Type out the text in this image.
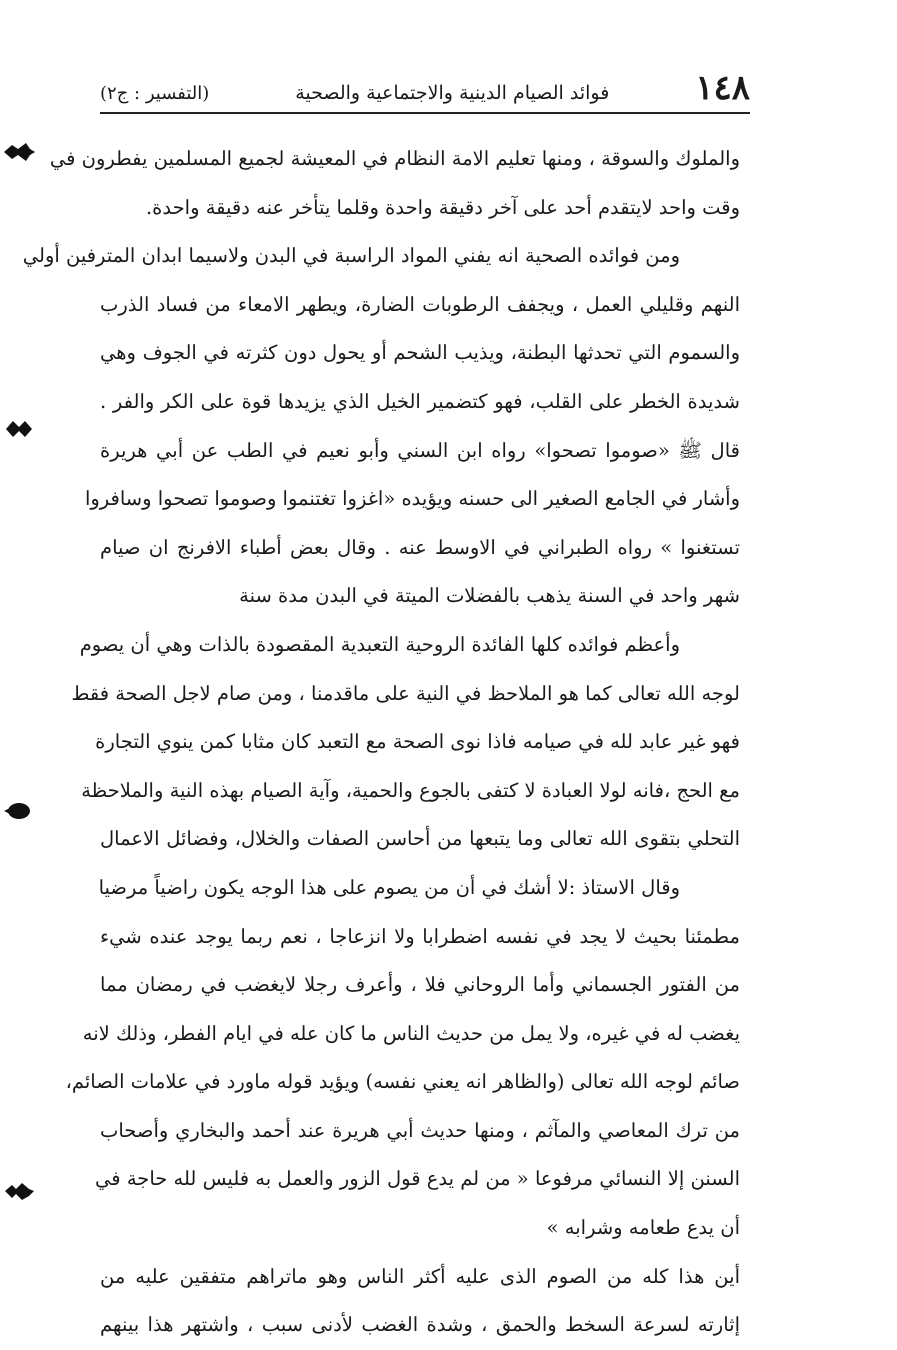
١٤٨
فوائد الصيام الدينية والاجتماعية والصحية
(التفسير : ج٢)
والملوك والسوقة ، ومنها تعليم الامة النظام في المعيشة لجميع المسلمين يفطرون في
وقت واحد لايتقدم أحد على آخر دقيقة واحدة وقلما يتأخر عنه دقيقة واحدة.
ومن فوائده الصحية انه يفني المواد الراسبة في البدن ولاسيما ابدان المترفين أولي
النهم وقليلي العمل ، ويجفف الرطوبات الضارة، ويطهر الامعاء من فساد الذرب
والسموم التي تحدثها البطنة، ويذيب الشحم أو يحول دون كثرته في الجوف وهي
شديدة الخطر على القلب، فهو كتضمير الخيل الذي يزيدها قوة على الكر والفر .
قال ﷺ «صوموا تصحوا» رواه ابن السني وأبو نعيم في الطب عن أبي هريرة
وأشار في الجامع الصغير الى حسنه ويؤيده «اغزوا تغتنموا وصوموا تصحوا وسافروا
تستغنوا » رواه الطبراني في الاوسط عنه . وقال بعض أطباء الافرنج ان صيام
شهر واحد في السنة يذهب بالفضلات الميتة في البدن مدة سنة
وأعظم فوائده كلها الفائدة الروحية التعبدية المقصودة بالذات وهي أن يصوم
لوجه الله تعالى كما هو الملاحظ في النية على ماقدمنا ، ومن صام لاجل الصحة فقط
فهو غير عابد لله في صيامه فاذا نوى الصحة مع التعبد كان مثابا كمن ينوي التجارة
مع الحج ،فانه لولا العبادة لا كتفى بالجوع والحمية، وآية الصيام بهذه النية والملاحظة
التحلي بتقوى الله تعالى وما يتبعها من أحاسن الصفات والخلال، وفضائل الاعمال
وقال الاستاذ :لا أشك في أن من يصوم على هذا الوجه يكون راضياً مرضيا
مطمئنا بحيث لا يجد في نفسه اضطرابا ولا انزعاجا ، نعم ربما يوجد عنده شيء
من الفتور الجسماني وأما الروحاني فلا ، وأعرف رجلا لايغضب في رمضان مما
يغضب له في غيره، ولا يمل من حديث الناس ما كان عله في ايام الفطر، وذلك لانه
صائم لوجه الله تعالى (والظاهر انه يعني نفسه) ويؤيد قوله ماورد في علامات الصائم،
من ترك المعاصي والمآثم ، ومنها حديث أبي هريرة عند أحمد والبخاري وأصحاب
السنن إلا النسائي مرفوعا « من لم يدع قول الزور والعمل به فليس لله حاجة في
أن يدع طعامه وشرابه »
أين هذا كله من الصوم الذى عليه أكثر الناس وهو ماتراهم متفقين عليه من
إثارته لسرعة السخط والحمق ، وشدة الغضب لأدنى سبب ، واشتهر هذا بينهم
